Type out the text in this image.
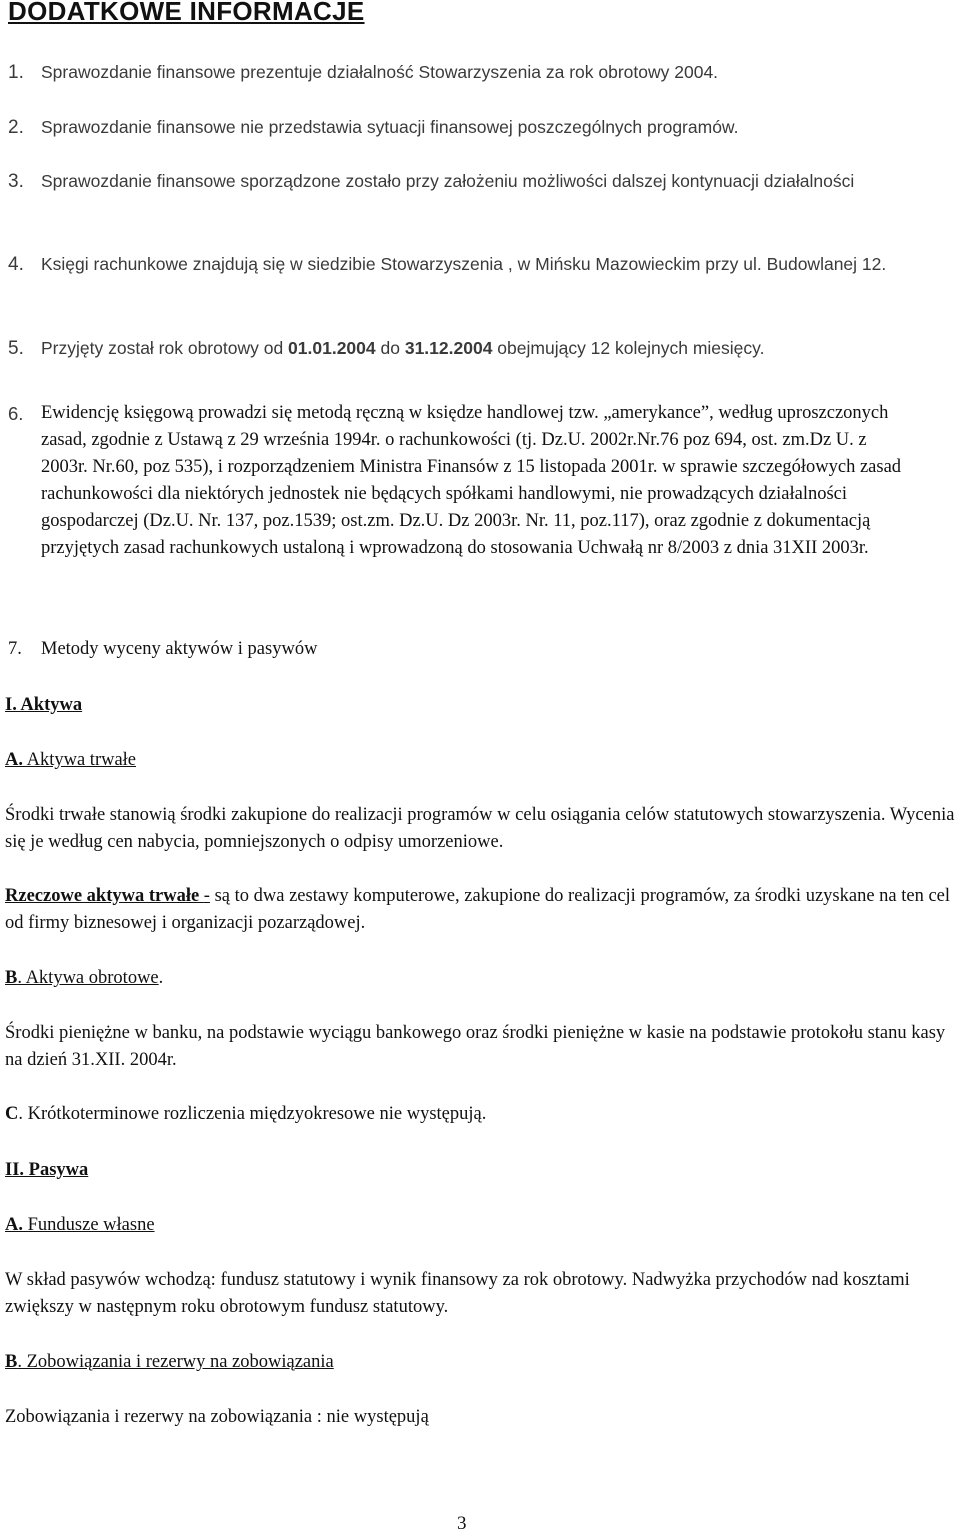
DODATKOWE INFORMACJE
1. Sprawozdanie finansowe prezentuje działalność Stowarzyszenia za rok obrotowy 2004.
2. Sprawozdanie finansowe nie przedstawia sytuacji finansowej poszczególnych programów.
3. Sprawozdanie finansowe sporządzone zostało przy założeniu możliwości dalszej kontynuacji działalności
4. Księgi rachunkowe znajdują się w siedzibie Stowarzyszenia , w Mińsku Mazowieckim przy ul. Budowlanej 12.
5. Przyjęty został rok obrotowy od 01.01.2004 do 31.12.2004 obejmujący 12 kolejnych miesięcy.
6. Ewidencję księgową prowadzi się metodą ręczną w księdze handlowej tzw. „amerykance”, według uproszczonych zasad, zgodnie z Ustawą z 29 września 1994r. o rachunkowości (tj. Dz.U. 2002r.Nr.76 poz 694, ost. zm.Dz U. z 2003r. Nr.60, poz 535), i rozporządzeniem Ministra Finansów z 15 listopada 2001r. w sprawie szczegółowych zasad rachunkowości dla niektórych jednostek nie będących spółkami handlowymi, nie prowadzących działalności gospodarczej (Dz.U. Nr. 137, poz.1539; ost.zm. Dz.U. Dz 2003r. Nr. 11, poz.117), oraz zgodnie z dokumentacją przyjętych zasad rachunkowych ustaloną i wprowadzoną do stosowania Uchwałą nr 8/2003 z dnia 31XII 2003r.
7. Metody wyceny aktywów i pasywów
I. Aktywa
A. Aktywa trwałe
Środki trwałe stanowią środki zakupione do realizacji programów w celu osiągania celów statutowych stowarzyszenia. Wycenia się je według cen nabycia, pomniejszonych o odpisy umorzeniowe.
Rzeczowe aktywa trwałe - są to dwa zestawy komputerowe, zakupione do realizacji programów, za środki uzyskane na ten cel od firmy biznesowej i organizacji pozarządowej.
B. Aktywa obrotowe.
Środki pieniężne w banku, na podstawie wyciągu bankowego oraz środki pieniężne w kasie na podstawie protokołu stanu kasy na dzień 31.XII. 2004r.
C. Krótkoterminowe rozliczenia międzyokresowe nie występują.
II. Pasywa
A. Fundusze własne
W skład pasywów wchodzą: fundusz statutowy i wynik finansowy za rok obrotowy. Nadwyżka przychodów nad kosztami zwiększy w następnym roku obrotowym fundusz statutowy.
B. Zobowiązania i rezerwy na zobowiązania
Zobowiązania i rezerwy na zobowiązania : nie występują
3
